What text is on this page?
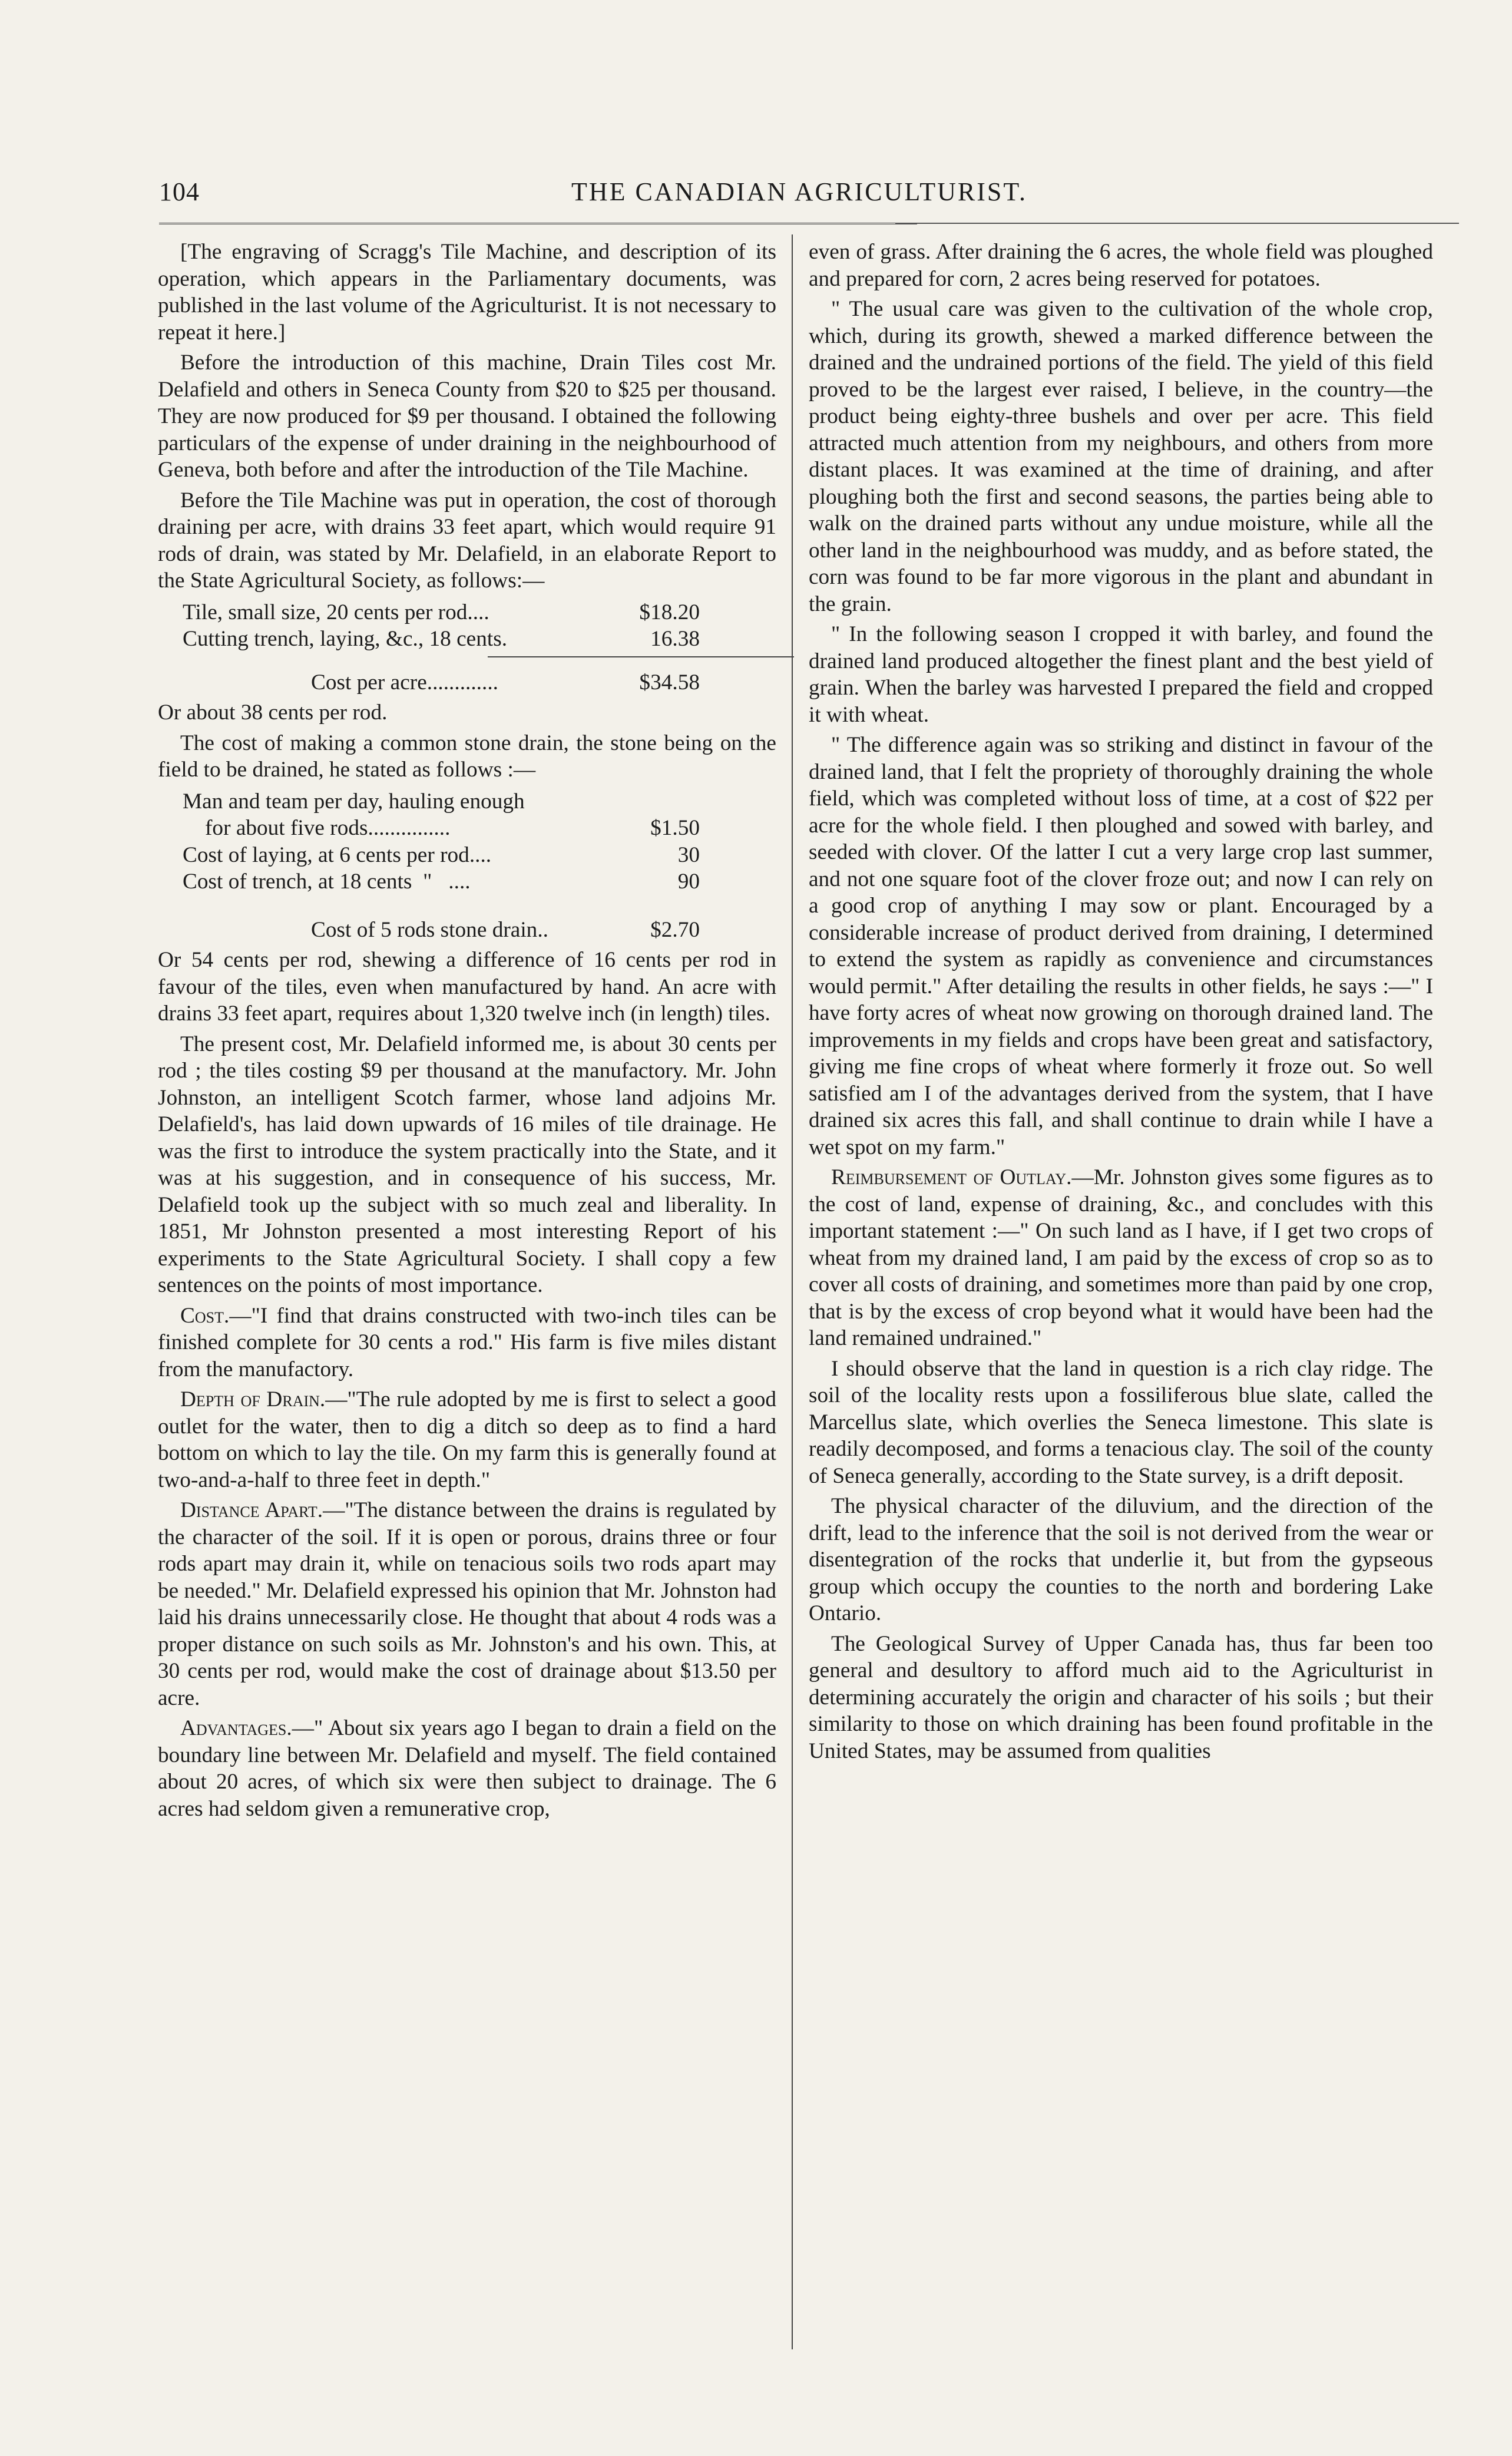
104	THE CANADIAN AGRICULTURIST.

[The engraving of Scragg's Tile Machine, and description of its operation, which appears in the Parliamentary documents, was published in the last volume of the Agriculturist. It is not necessary to repeat it here.]

Before the introduction of this machine, Drain Tiles cost Mr. Delafield and others in Seneca County from $20 to $25 per thousand. They are now produced for $9 per thousand. I obtained the following particulars of the expense of under draining in the neighbourhood of Geneva, both before and after the introduction of the Tile Machine.

Before the Tile Machine was put in operation, the cost of thorough draining per acre, with drains 33 feet apart, which would require 91 rods of drain, was stated by Mr. Delafield, in an elaborate Report to the State Agricultural Society, as follows:—

Tile, small size, 20 cents per rod....	$18.20
Cutting trench, laying, &c., 18 cents.	16.38
Cost per acre.............	$34.58

Or about 38 cents per rod.

The cost of making a common stone drain, the stone being on the field to be drained, he stated as follows :—

Man and team per day, hauling enough
for about five rods...............	$1.50
Cost of laying, at 6 cents per rod....	30
Cost of trench, at 18 cents  "   ....	90
Cost of 5 rods stone drain..	$2.70

Or 54 cents per rod, shewing a difference of 16 cents per rod in favour of the tiles, even when manufactured by hand. An acre with drains 33 feet apart, requires about 1,320 twelve inch (in length) tiles.

The present cost, Mr. Delafield informed me, is about 30 cents per rod ; the tiles costing $9 per thousand at the manufactory. Mr. John Johnston, an intelligent Scotch farmer, whose land adjoins Mr. Delafield's, has laid down upwards of 16 miles of tile drainage. He was the first to introduce the system practically into the State, and it was at his suggestion, and in consequence of his success, Mr. Delafield took up the subject with so much zeal and liberality. In 1851, Mr Johnston presented a most interesting Report of his experiments to the State Agricultural Society. I shall copy a few sentences on the points of most importance.

Cost.—"I find that drains constructed with two-inch tiles can be finished complete for 30 cents a rod." His farm is five miles distant from the manufactory.

Depth of Drain.—"The rule adopted by me is first to select a good outlet for the water, then to dig a ditch so deep as to find a hard bottom on which to lay the tile. On my farm this is generally found at two-and-a-half to three feet in depth."

Distance Apart.—"The distance between the drains is regulated by the character of the soil. If it is open or porous, drains three or four rods apart may drain it, while on tenacious soils two rods apart may be needed." Mr. Delafield expressed his opinion that Mr. Johnston had laid his drains unnecessarily close. He thought that about 4 rods was a proper distance on such soils as Mr. Johnston's and his own. This, at 30 cents per rod, would make the cost of drainage about $13.50 per acre.

Advantages.—" About six years ago I began to drain a field on the boundary line between Mr. Delafield and myself. The field contained about 20 acres, of which six were then subject to drainage. The 6 acres had seldom given a remunerative crop,

even of grass. After draining the 6 acres, the whole field was ploughed and prepared for corn, 2 acres being reserved for potatoes.

" The usual care was given to the cultivation of the whole crop, which, during its growth, shewed a marked difference between the drained and the undrained portions of the field. The yield of this field proved to be the largest ever raised, I believe, in the country—the product being eighty-three bushels and over per acre. This field attracted much attention from my neighbours, and others from more distant places. It was examined at the time of draining, and after ploughing both the first and second seasons, the parties being able to walk on the drained parts without any undue moisture, while all the other land in the neighbourhood was muddy, and as before stated, the corn was found to be far more vigorous in the plant and abundant in the grain.

" In the following season I cropped it with barley, and found the drained land produced altogether the finest plant and the best yield of grain. When the barley was harvested I prepared the field and cropped it with wheat.

" The difference again was so striking and distinct in favour of the drained land, that I felt the propriety of thoroughly draining the whole field, which was completed without loss of time, at a cost of $22 per acre for the whole field. I then ploughed and sowed with barley, and seeded with clover. Of the latter I cut a very large crop last summer, and not one square foot of the clover froze out; and now I can rely on a good crop of anything I may sow or plant. Encouraged by a considerable increase of product derived from draining, I determined to extend the system as rapidly as convenience and circumstances would permit." After detailing the results in other fields, he says :—" I have forty acres of wheat now growing on thorough drained land. The improvements in my fields and crops have been great and satisfactory, giving me fine crops of wheat where formerly it froze out. So well satisfied am I of the advantages derived from the system, that I have drained six acres this fall, and shall continue to drain while I have a wet spot on my farm."

Reimbursement of Outlay.—Mr. Johnston gives some figures as to the cost of land, expense of draining, &c., and concludes with this important statement :—" On such land as I have, if I get two crops of wheat from my drained land, I am paid by the excess of crop so as to cover all costs of draining, and sometimes more than paid by one crop, that is by the excess of crop beyond what it would have been had the land remained undrained."

I should observe that the land in question is a rich clay ridge. The soil of the locality rests upon a fossiliferous blue slate, called the Marcellus slate, which overlies the Seneca limestone. This slate is readily decomposed, and forms a tenacious clay. The soil of the county of Seneca generally, according to the State survey, is a drift deposit.

The physical character of the diluvium, and the direction of the drift, lead to the inference that the soil is not derived from the wear or disentegration of the rocks that underlie it, but from the gypseous group which occupy the counties to the north and bordering Lake Ontario.

The Geological Survey of Upper Canada has, thus far been too general and desultory to afford much aid to the Agriculturist in determining accurately the origin and character of his soils ; but their similarity to those on which draining has been found profitable in the United States, may be assumed from qualities
